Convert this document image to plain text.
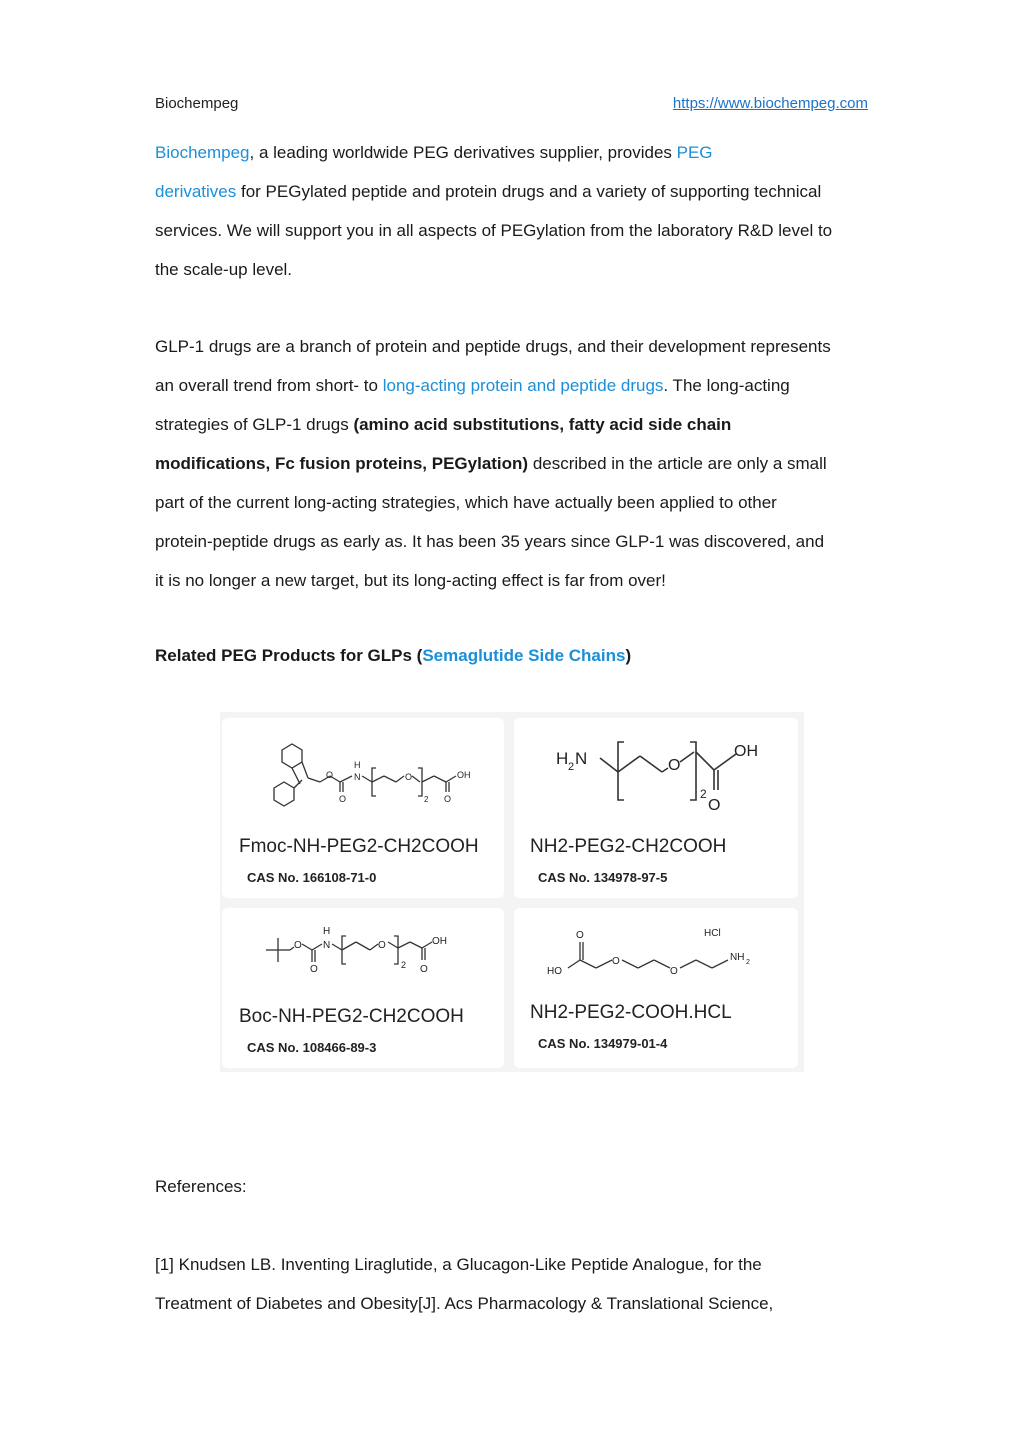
Biochempeg	https://www.biochempeg.com
Biochempeg, a leading worldwide PEG derivatives supplier, provides PEG
derivatives for PEGylated peptide and protein drugs and a variety of supporting technical
services. We will support you in all aspects of PEGylation from the laboratory R&D level to
the scale-up level.
GLP-1 drugs are a branch of protein and peptide drugs, and their development represents
an overall trend from short- to long-acting protein and peptide drugs. The long-acting
strategies of GLP-1 drugs (amino acid substitutions, fatty acid side chain
modifications, Fc fusion proteins, PEGylation) described in the article are only a small
part of the current long-acting strategies, which have actually been applied to other
protein-peptide drugs as early as. It has been 35 years since GLP-1 was discovered, and
it is no longer a new target, but its long-acting effect is far from over!
Related PEG Products for GLPs (Semaglutide Side Chains)
O
O
N
H
O
2 O
OH
Fmoc-NH-PEG2-CH2COOH
CAS No. 166108-71-0
H 2 N	O
2
O
OH
NH2-PEG2-CH2COOH
CAS No. 134978-97-5
O
O
N
H
O
2 O
OH
Boc-NH-PEG2-CH2COOH
CAS No. 108466-89-3
HO
O
O
O
NH 2
HCl
NH2-PEG2-COOH.HCL
CAS No. 134979-01-4
References:
[1] Knudsen LB. Inventing Liraglutide, a Glucagon-Like Peptide Analogue, for the
Treatment of Diabetes and Obesity[J]. Acs Pharmacology & Translational Science,
